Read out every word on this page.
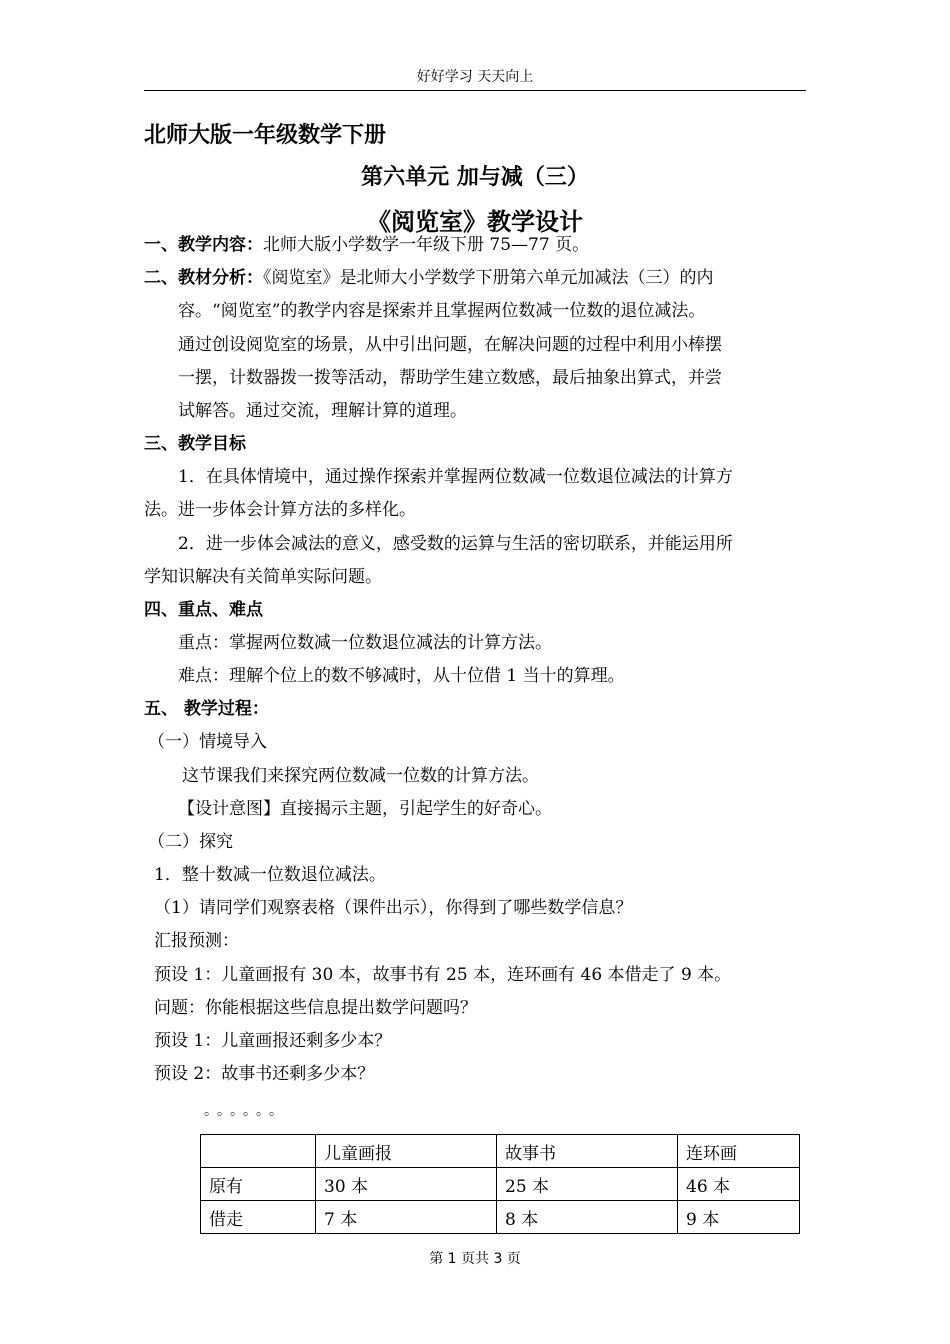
好好学习 天天向上
北师大版一年级数学下册
第六单元 加与减（三）
《阅览室》教学设计
一、教学内容：北师大版小学数学一年级下册 75—77 页。
二、教材分析：《阅览室》是北师大小学数学下册第六单元加减法（三）的内
容。“阅览室”的教学内容是探索并且掌握两位数减一位数的退位减法。
通过创设阅览室的场景，从中引出问题，在解决问题的过程中利用小棒摆
一摆，计数器拨一拨等活动，帮助学生建立数感，最后抽象出算式，并尝
试解答。通过交流，理解计算的道理。
三、教学目标
1．在具体情境中，通过操作探索并掌握两位数减一位数退位减法的计算方
法。进一步体会计算方法的多样化。
2．进一步体会减法的意义，感受数的运算与生活的密切联系，并能运用所
学知识解决有关简单实际问题。
四、重点、难点
重点：掌握两位数减一位数退位减法的计算方法。
难点：理解个位上的数不够减时，从十位借 1 当十的算理。
五、 教学过程：
（一）情境导入
这节课我们来探究两位数减一位数的计算方法。
【设计意图】直接揭示主题，引起学生的好奇心。
（二）探究
1．整十数减一位数退位减法。
（1）请同学们观察表格（课件出示），你得到了哪些数学信息？
汇报预测：
预设 1：儿童画报有 30 本，故事书有 25 本，连环画有 46 本借走了 9 本。
问题：你能根据这些信息提出数学问题吗？
预设 1：儿童画报还剩多少本？
预设 2：故事书还剩多少本？
。。。。。。
	儿童画报	故事书	连环画
原有	30 本	25 本	46 本
借走	7 本	8 本	9 本
第 1 页共 3 页
